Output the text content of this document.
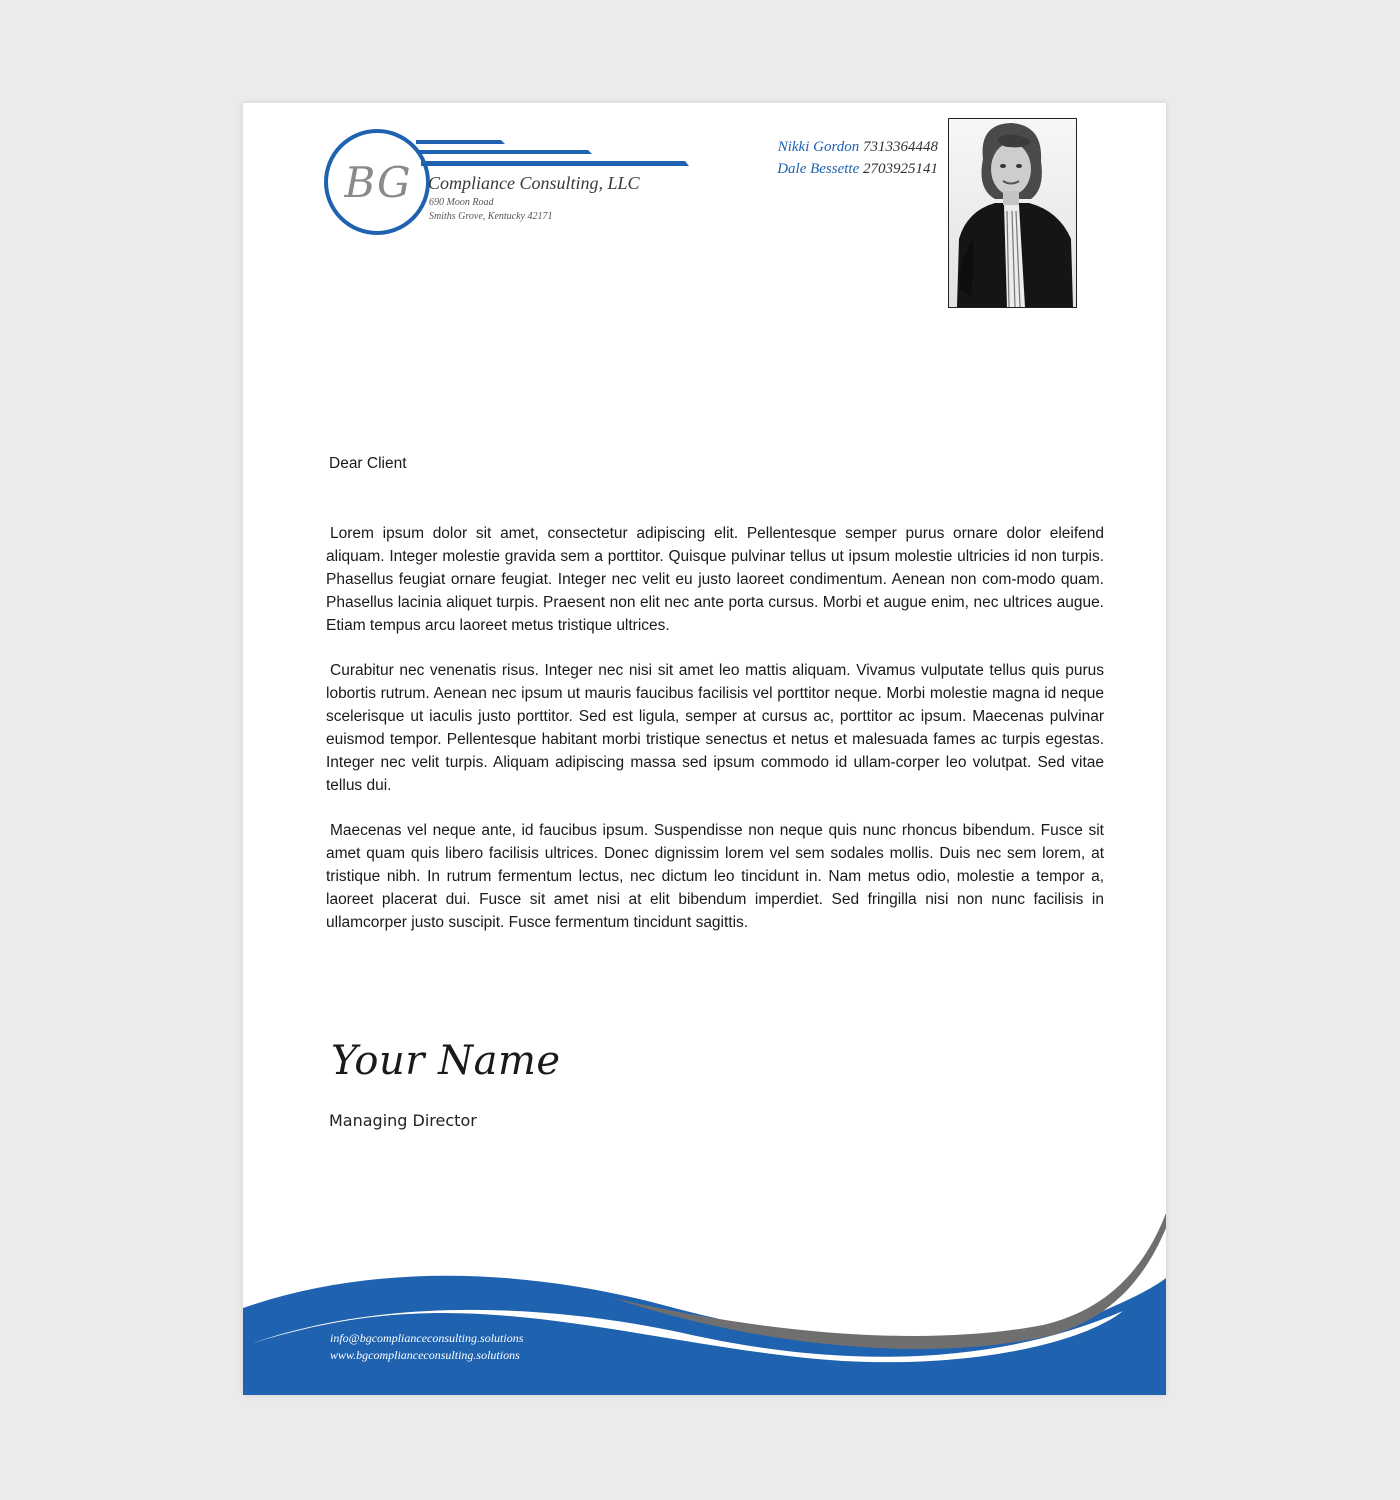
BG Compliance Consulting, LLC
690 Moon Road
Smiths Grove, Kentucky 42171
Nikki Gordon 7313364448
Dale Bessette 2703925141
Dear Client
Lorem ipsum dolor sit amet, consectetur adipiscing elit. Pellentesque semper purus ornare dolor eleifend aliquam. Integer molestie gravida sem a porttitor. Quisque pulvinar tellus ut ipsum molestie ultricies id non turpis. Phasellus feugiat ornare feugiat. Integer nec velit eu justo laoreet condimentum. Aenean non com-modo quam. Phasellus lacinia aliquet turpis. Praesent non elit nec ante porta cursus. Morbi et augue enim, nec ultrices augue. Etiam tempus arcu laoreet metus tristique ultrices.
Curabitur nec venenatis risus. Integer nec nisi sit amet leo mattis aliquam. Vivamus vulputate tellus quis purus lobortis rutrum. Aenean nec ipsum ut mauris faucibus facilisis vel porttitor neque. Morbi molestie magna id neque scelerisque ut iaculis justo porttitor. Sed est ligula, semper at cursus ac, porttitor ac ipsum. Maecenas pulvinar euismod tempor. Pellentesque habitant morbi tristique senectus et netus et malesuada fames ac turpis egestas. Integer nec velit turpis. Aliquam adipiscing massa sed ipsum commodo id ullam-corper leo volutpat. Sed vitae tellus dui.
Maecenas vel neque ante, id faucibus ipsum. Suspendisse non neque quis nunc rhoncus bibendum. Fusce sit amet quam quis libero facilisis ultrices. Donec dignissim lorem vel sem sodales mollis. Duis nec sem lorem, at tristique nibh. In rutrum fermentum lectus, nec dictum leo tincidunt in. Nam metus odio, molestie a tempor a, laoreet placerat dui. Fusce sit amet nisi at elit bibendum imperdiet. Sed fringilla nisi non nunc facilisis in ullamcorper justo suscipit. Fusce fermentum tincidunt sagittis.
Your Name
Managing Director
info@bgcomplianceconsulting.solutions
www.bgcomplianceconsulting.solutions
